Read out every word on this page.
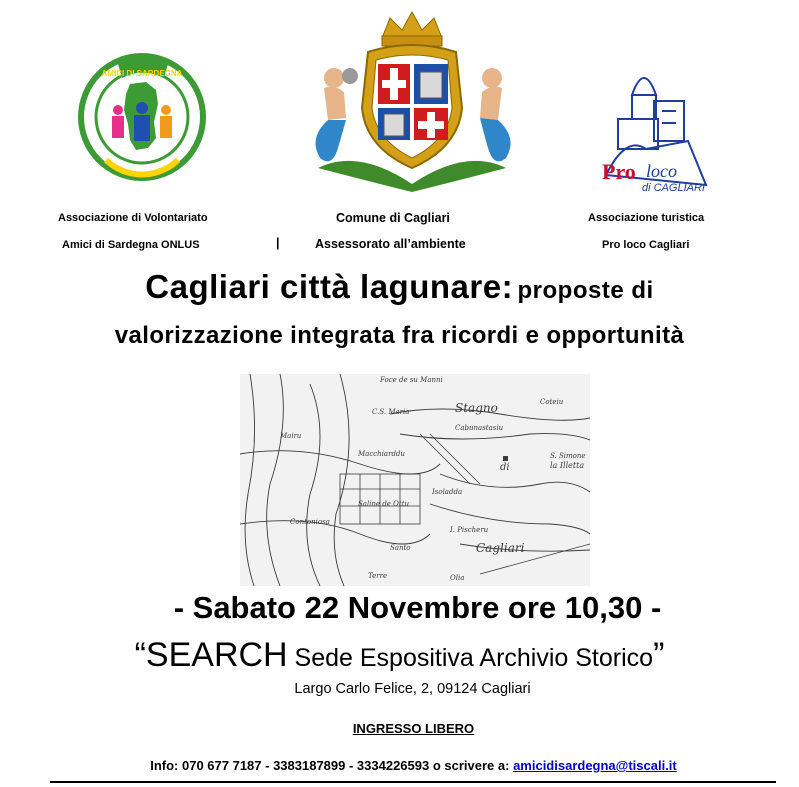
AMICI DI SARDEGNA
Pro loco
di CAGLIARI
Associazione di Volontariato
Amici di Sardegna ONLUS
Comune di Cagliari
|	Assessorato all’ambiente
Associazione turistica
Pro loco Cagliari
Cagliari città lagunare: proposte di
valorizzazione integrata fra ricordi e opportunità
Foce de su Manni
Stagno	Coteiu
Cabunastasiu
C.S. Maria
Mairu
Macchiarddu	S. Simone
la Illetta
Saline de Ottu
Isoladda
Contoniosa
I. Pischeru
Cagliari
Santo
Terre	Olia
di
- Sabato 22 Novembre ore 10,30 -
“SEARCH Sede Espositiva Archivio Storico”
Largo Carlo Felice, 2, 09124 Cagliari
INGRESSO LIBERO
Info: 070 677 7187 - 3383187899 - 3334226593 o scrivere a: amicidisardegna@tiscali.it
